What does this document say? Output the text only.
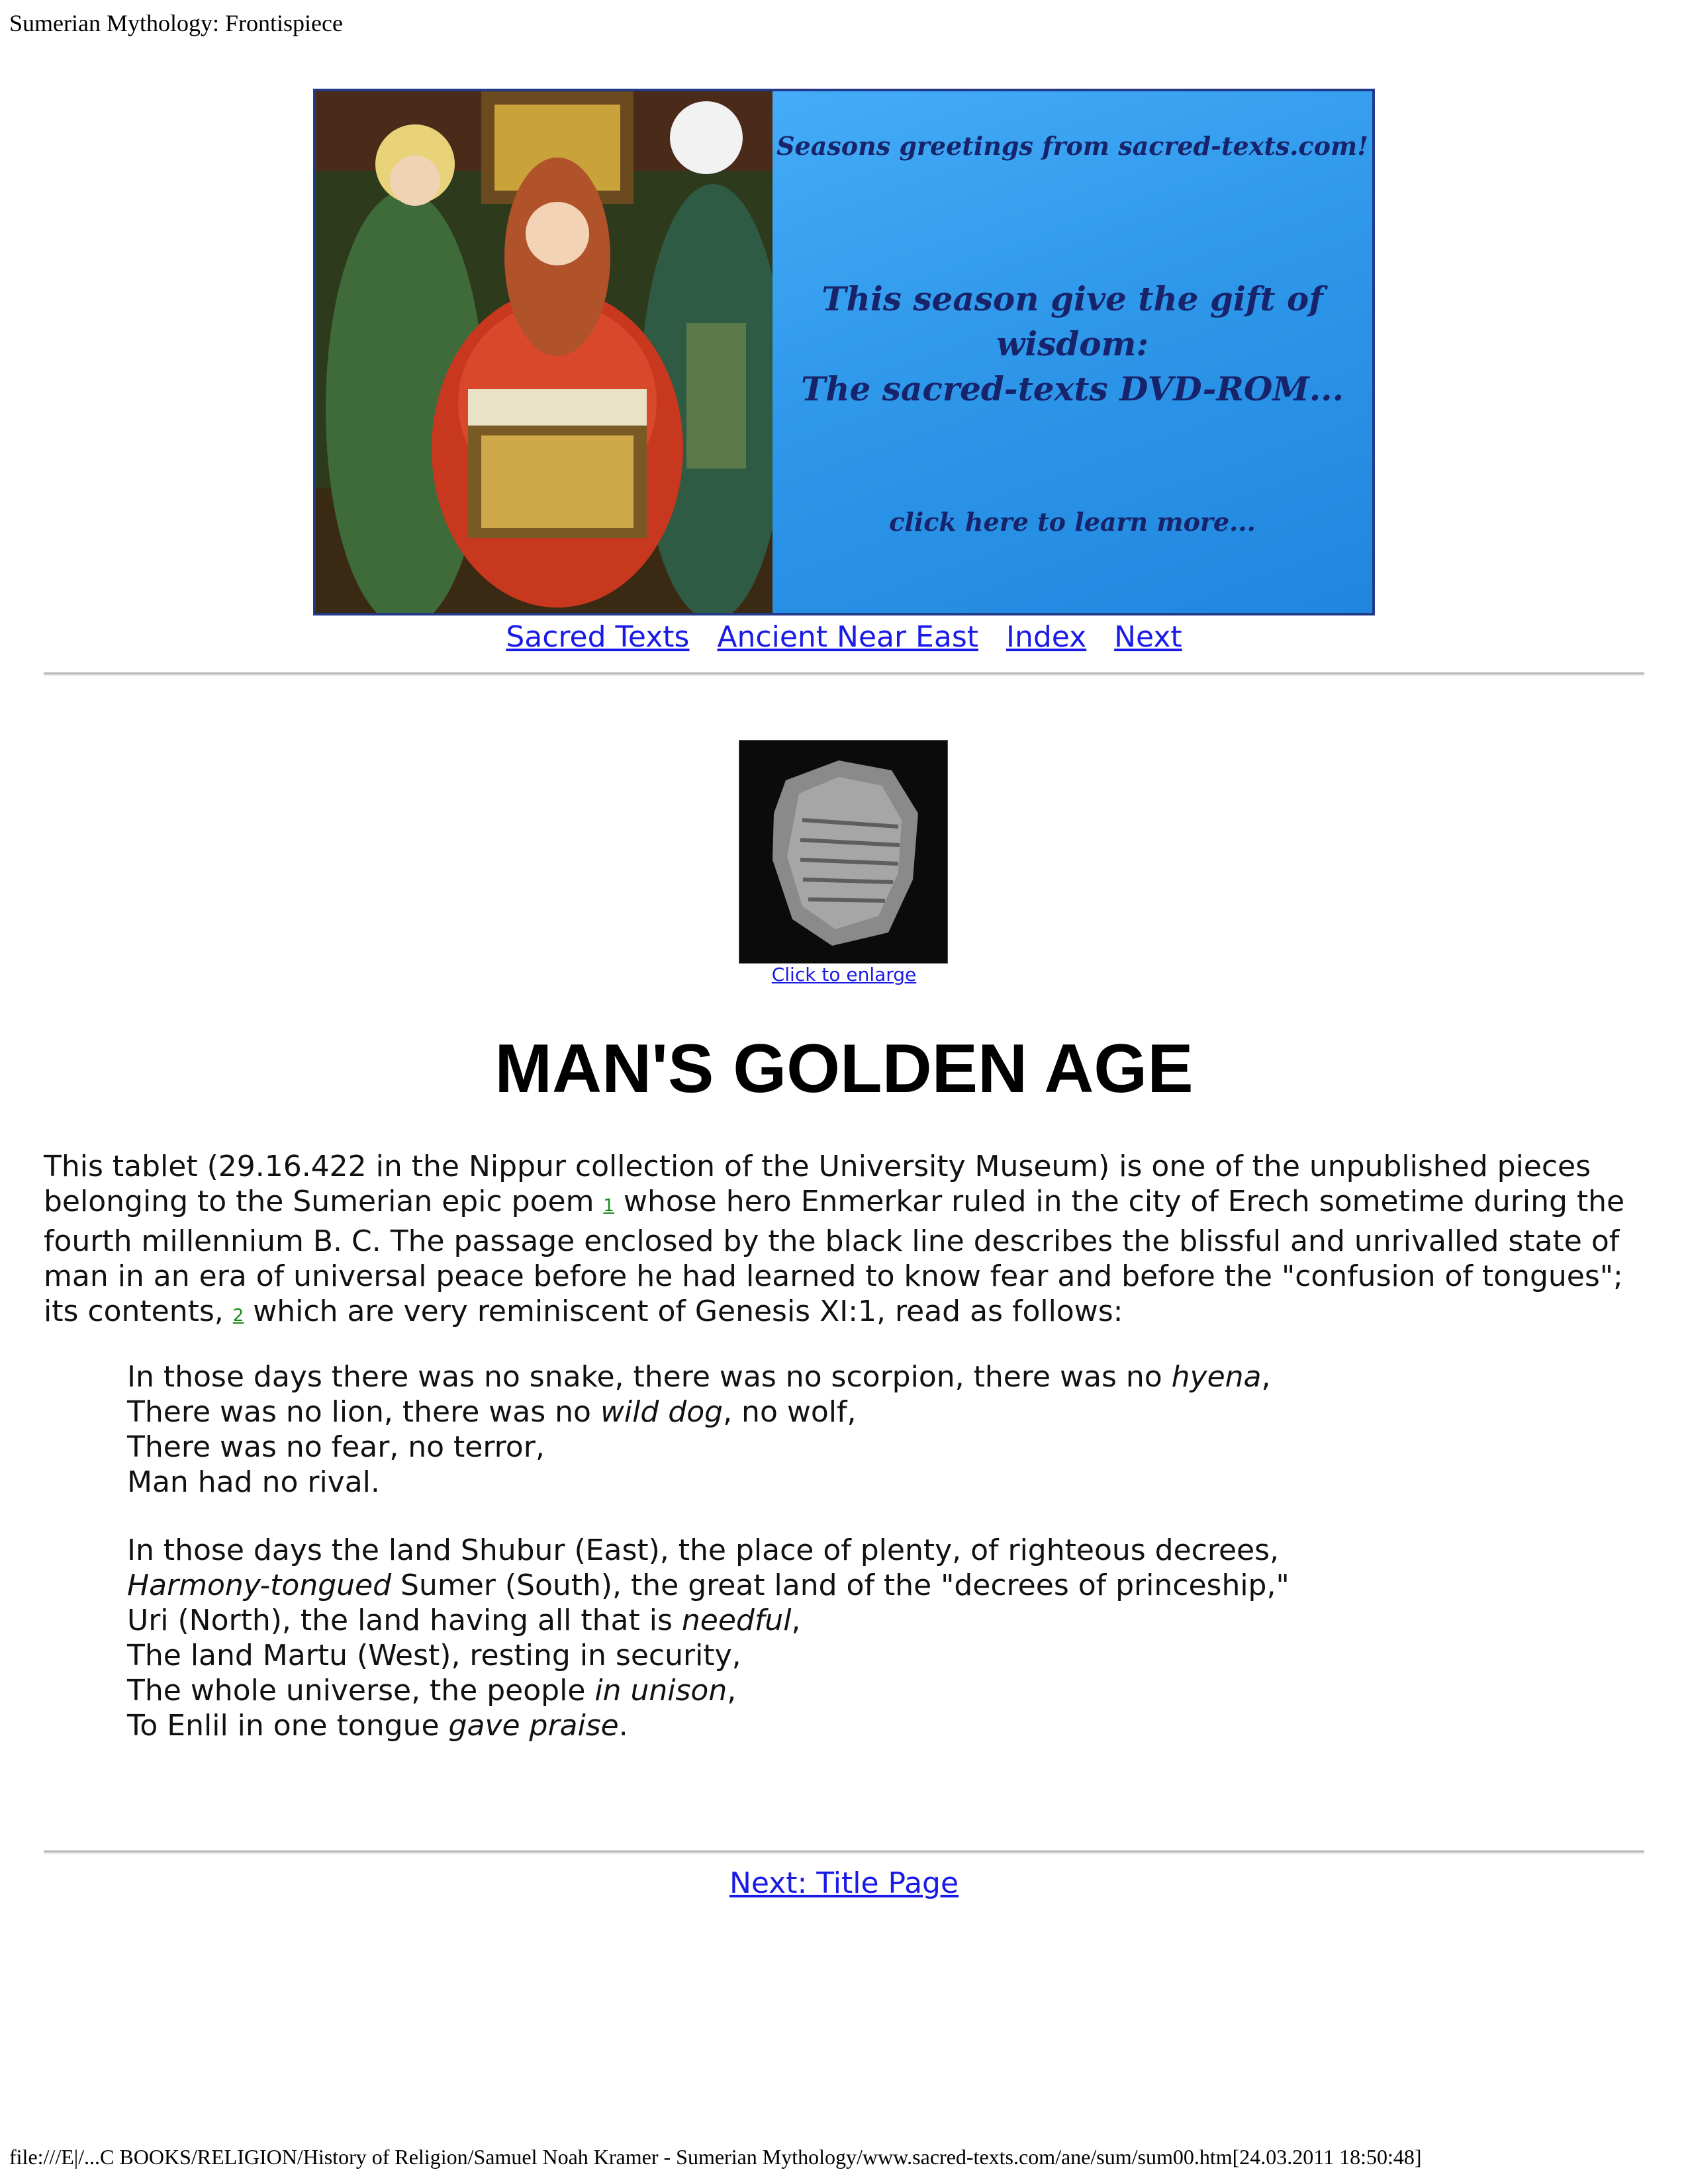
Sumerian Mythology: Frontispiece
Seasons greetings from sacred-texts.com!
This season give the gift of wisdom:
The sacred-texts DVD-ROM...
click here to learn more...
Sacred Texts Ancient Near East Index Next
Click to enlarge
MAN'S GOLDEN AGE

This tablet (29.16.422 in the Nippur collection of the University Museum) is one of the unpublished pieces belonging to the Sumerian epic poem 1 whose hero Enmerkar ruled in the city of Erech sometime during the fourth millennium B. C. The passage enclosed by the black line describes the blissful and unrivalled state of man in an era of universal peace before he had learned to know fear and before the "confusion of tongues"; its contents, 2 which are very reminiscent of Genesis XI:1, read as follows:

In those days there was no snake, there was no scorpion, there was no hyena,
There was no lion, there was no wild dog, no wolf,
There was no fear, no terror,
Man had no rival.

In those days the land Shubur (East), the place of plenty, of righteous decrees,
Harmony-tongued Sumer (South), the great land of the "decrees of princeship,"
Uri (North), the land having all that is needful,
The land Martu (West), resting in security,
The whole universe, the people in unison,
To Enlil in one tongue gave praise.

Next: Title Page
file:///E|/...C BOOKS/RELIGION/History of Religion/Samuel Noah Kramer - Sumerian Mythology/www.sacred-texts.com/ane/sum/sum00.htm[24.03.2011 18:50:48]
